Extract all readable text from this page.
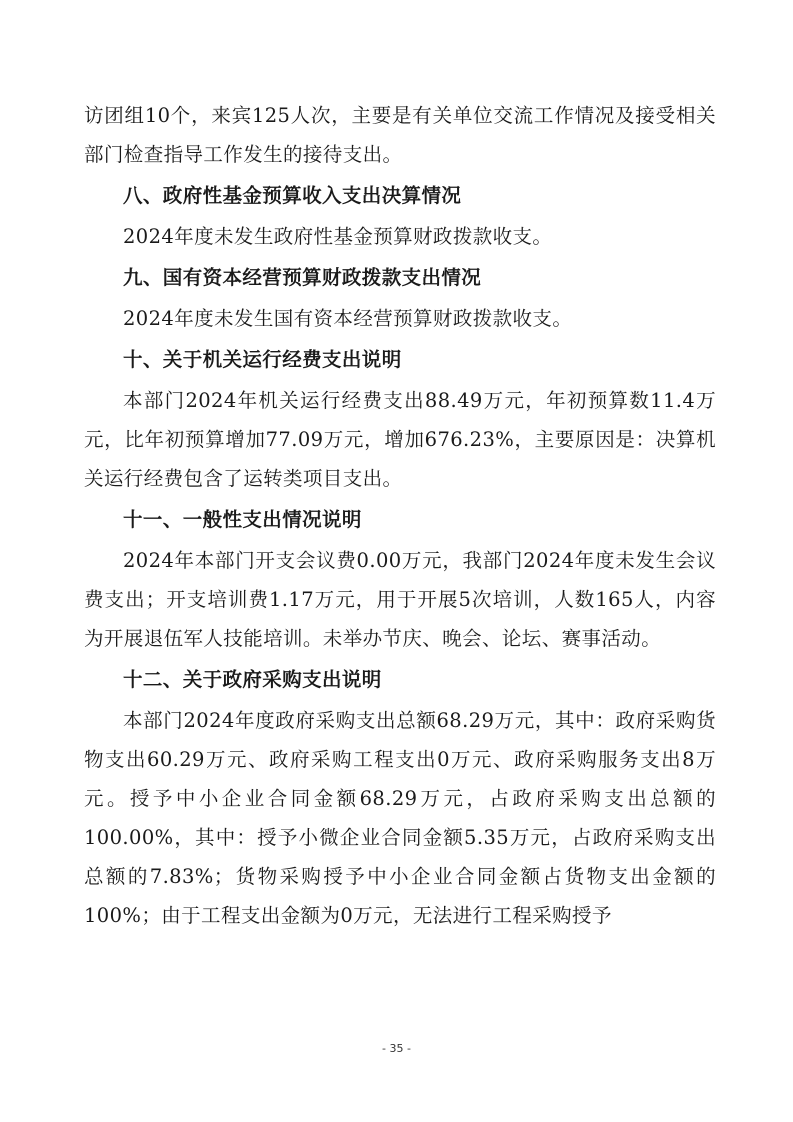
访团组10个，来宾125人次，主要是有关单位交流工作情况及接受相关部门检查指导工作发生的接待支出。

八、政府性基金预算收入支出决算情况

2024年度未发生政府性基金预算财政拨款收支。

九、国有资本经营预算财政拨款支出情况

2024年度未发生国有资本经营预算财政拨款收支。

十、关于机关运行经费支出说明

本部门2024年机关运行经费支出88.49万元，年初预算数11.4万元，比年初预算增加77.09万元，增加676.23%，主要原因是：决算机关运行经费包含了运转类项目支出。

十一、一般性支出情况说明

2024年本部门开支会议费0.00万元，我部门2024年度未发生会议费支出；开支培训费1.17万元，用于开展5次培训，人数165人，内容为开展退伍军人技能培训。未举办节庆、晚会、论坛、赛事活动。

十二、关于政府采购支出说明

本部门2024年度政府采购支出总额68.29万元，其中：政府采购货物支出60.29万元、政府采购工程支出0万元、政府采购服务支出8万元。授予中小企业合同金额68.29万元，占政府采购支出总额的100.00%，其中：授予小微企业合同金额5.35万元，占政府采购支出总额的7.83%；货物采购授予中小企业合同金额占货物支出金额的100%；由于工程支出金额为0万元，无法进行工程采购授予

- 35 -
